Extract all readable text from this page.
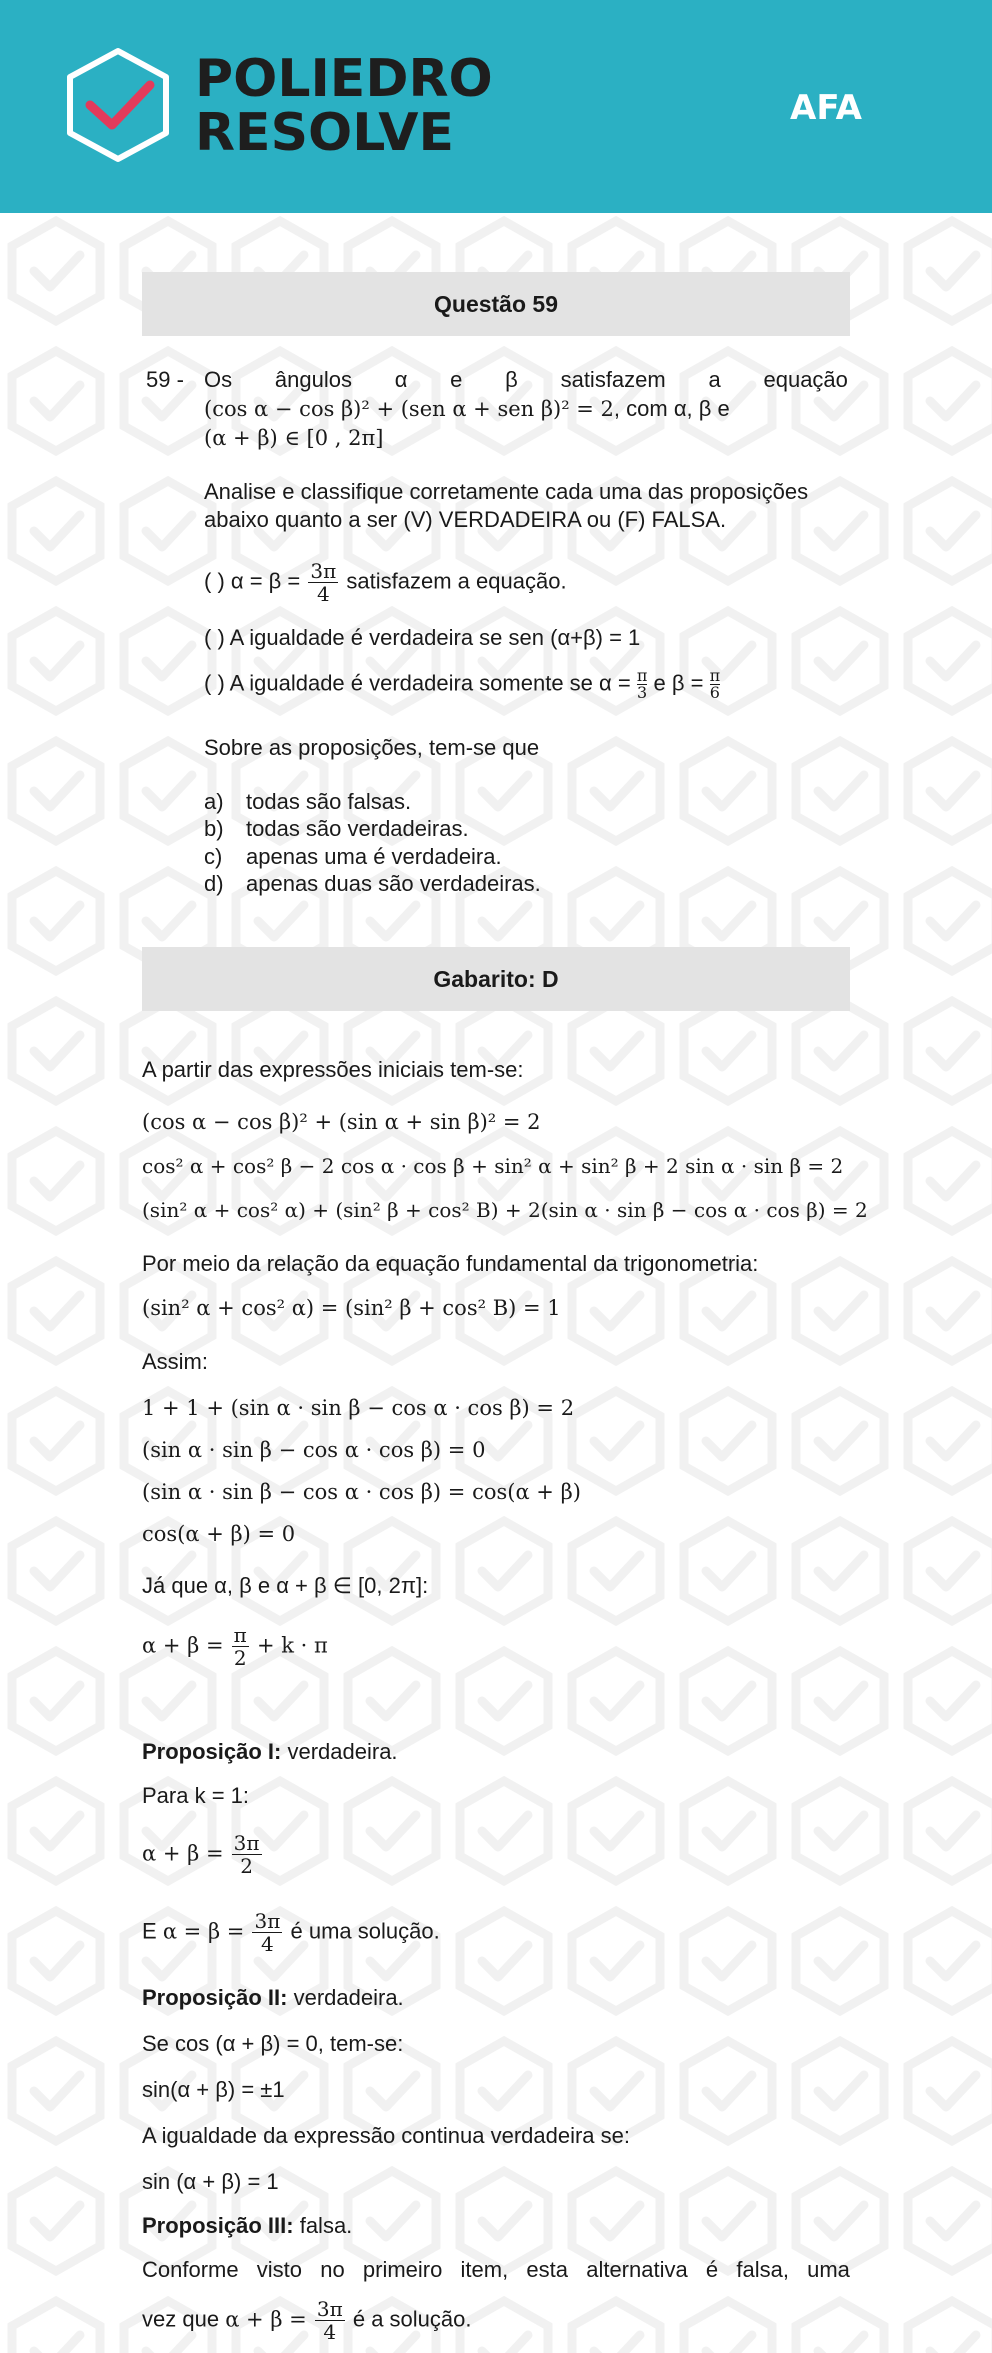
POLIEDRO
RESOLVE	AFA
Questão 59
59 - Os ângulos α e β satisfazem a equação
(cos α − cos β)² + (sen α + sen β)² = 2, com α, β e
(α + β) ∈ [0 , 2π]
Analise e classifique corretamente cada uma das proposições
abaixo quanto a ser (V) VERDADEIRA ou (F) FALSA.
( ) $\alpha = \beta = \frac{3\pi}{4}$ satisfazem a equação.
( ) A igualdade é verdadeira se sen (α+β) = 1
( ) A igualdade é verdadeira somente se $\alpha = \frac{\pi}{3}$ e $\beta = \frac{\pi}{6}$
Sobre as proposições, tem-se que
a) todas são falsas.
b) todas são verdadeiras.
c) apenas uma é verdadeira.
d) apenas duas são verdadeiras.
Gabarito: D
A partir das expressões iniciais tem-se:
(cos α − cos β)² + (sin α + sin β)² = 2
cos² α + cos² β − 2 cos α · cos β + sin² α + sin² β + 2 sin α · sin β = 2
(sin² α + cos² α) + (sin² β + cos² B) + 2(sin α · sin β − cos α · cos β) = 2
Por meio da relação da equação fundamental da trigonometria:
(sin² α + cos² α) = (sin² β + cos² B) = 1
Assim:
1 + 1 + (sin α · sin β − cos α · cos β) = 2
(sin α · sin β − cos α · cos β) = 0
(sin α · sin β − cos α · cos β) = cos(α + β)
cos(α + β) = 0
Já que α, β e α + β ∈ [0, 2π]:
$\alpha + \beta = \frac{\pi}{2} + k \cdot \pi$
Proposição I: verdadeira.
Para k = 1:
$\alpha + \beta = \frac{3\pi}{2}$
E $\alpha = \beta = \frac{3\pi}{4}$ é uma solução.
Proposição II: verdadeira.
Se cos (α + β) = 0, tem-se:
sin(α + β) = ±1
A igualdade da expressão continua verdadeira se:
sin (α + β) = 1
Proposição III: falsa.
Conforme visto no primeiro item, esta alternativa é falsa, uma
vez que $\alpha + \beta = \frac{3\pi}{4}$ é a solução.
